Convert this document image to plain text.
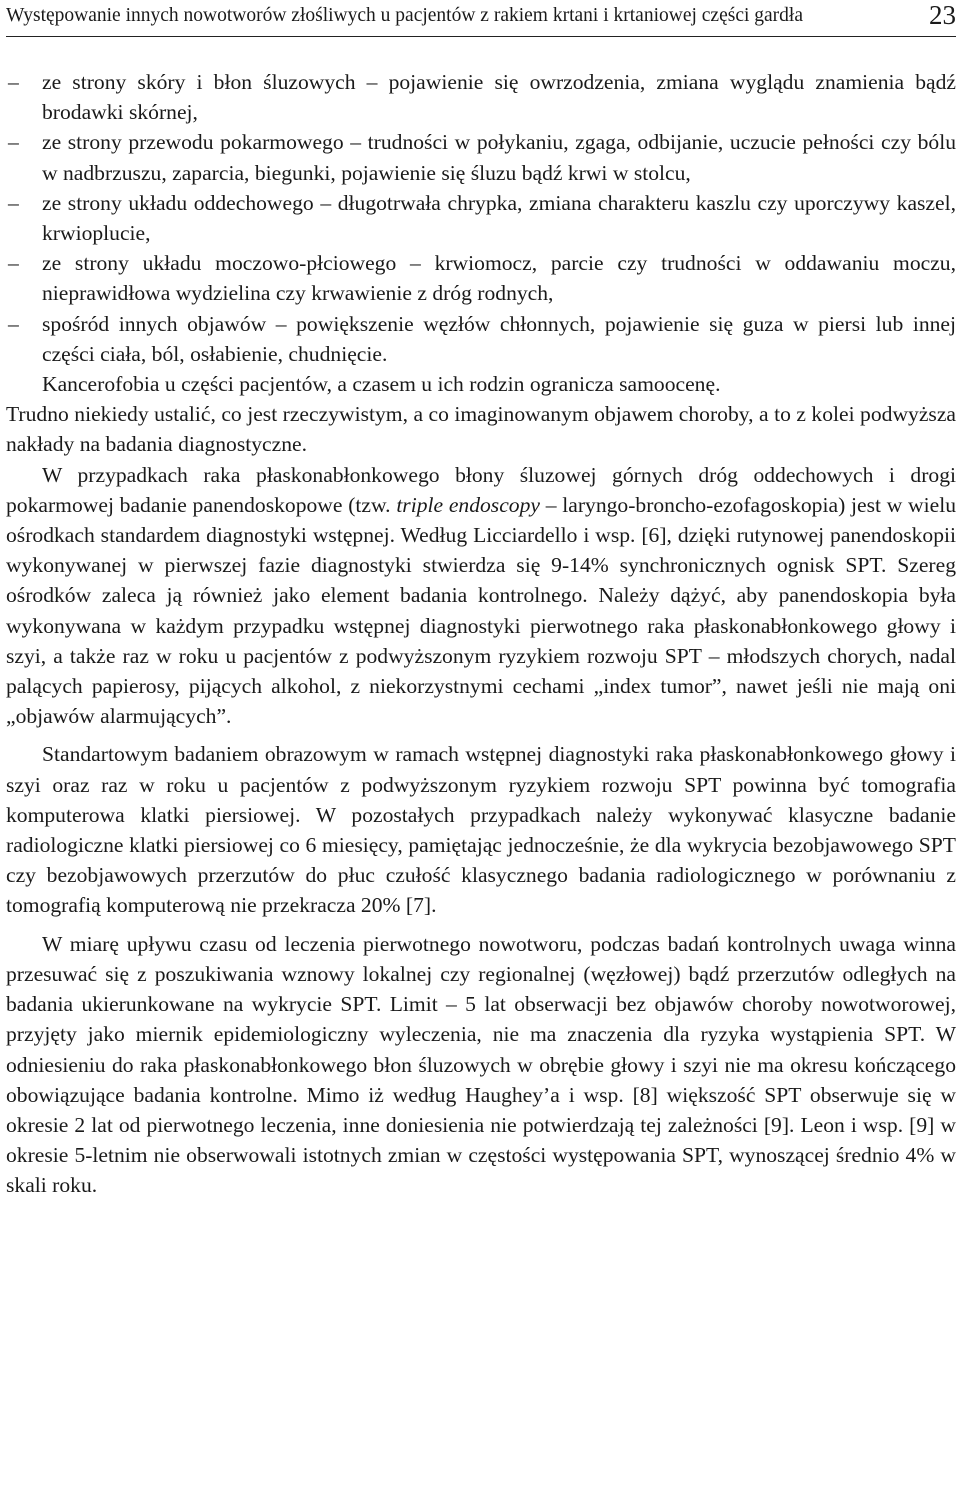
Występowanie innych nowotworów złośliwych u pacjentów z rakiem krtani i krtaniowej części gardła	23
– ze strony skóry i błon śluzowych – pojawienie się owrzodzenia, zmiana wyglądu znamienia bądź brodawki skórnej,
– ze strony przewodu pokarmowego – trudności w połykaniu, zgaga, odbijanie, uczucie pełności czy bólu w nadbrzuszu, zaparcia, biegunki, pojawienie się śluzu bądź krwi w stolcu,
– ze strony układu oddechowego – długotrwała chrypka, zmiana charakteru kaszlu czy uporczywy kaszel, krwioplucie,
– ze strony układu moczowo-płciowego – krwiomocz, parcie czy trudności w oddawaniu moczu, nieprawidłowa wydzielina czy krwawienie z dróg rodnych,
– spośród innych objawów – powiększenie węzłów chłonnych, pojawienie się guza w piersi lub innej części ciała, ból, osłabienie, chudnięcie.

Kancerofobia u części pacjentów, a czasem u ich rodzin ogranicza samoocenę.

Trudno niekiedy ustalić, co jest rzeczywistym, a co imaginowanym objawem choroby, a to z kolei podwyższa nakłady na badania diagnostyczne.

W przypadkach raka płaskonabłonkowego błony śluzowej górnych dróg oddechowych i drogi pokarmowej badanie panendoskopowe (tzw. triple endoscopy – laryngo-broncho-ezofagoskopia) jest w wielu ośrodkach standardem diagnostyki wstępnej. Według Licciardello i wsp. [6], dzięki rutynowej panendoskopii wykonywanej w pierwszej fazie diagnostyki stwierdza się 9-14% synchronicznych ognisk SPT. Szereg ośrodków zaleca ją również jako element badania kontrolnego. Należy dążyć, aby panendoskopia była wykonywana w każdym przypadku wstępnej diagnostyki pierwotnego raka płaskonabłonkowego głowy i szyi, a także raz w roku u pacjentów z podwyższonym ryzykiem rozwoju SPT – młodszych chorych, nadal palących papierosy, pijących alkohol, z niekorzystnymi cechami „index tumor”, nawet jeśli nie mają oni „objawów alarmujących”.

Standartowym badaniem obrazowym w ramach wstępnej diagnostyki raka płaskonabłonkowego głowy i szyi oraz raz w roku u pacjentów z podwyższonym ryzykiem rozwoju SPT powinna być tomografia komputerowa klatki piersiowej. W pozostałych przypadkach należy wykonywać klasyczne badanie radiologiczne klatki piersiowej co 6 miesięcy, pamiętając jednocześnie, że dla wykrycia bezobjawowego SPT czy bezobjawowych przerzutów do płuc czułość klasycznego badania radiologicznego w porównaniu z tomografią komputerową nie przekracza 20% [7].

W miarę upływu czasu od leczenia pierwotnego nowotworu, podczas badań kontrolnych uwaga winna przesuwać się z poszukiwania wznowy lokalnej czy regionalnej (węzłowej) bądź przerzutów odległych na badania ukierunkowane na wykrycie SPT. Limit – 5 lat obserwacji bez objawów choroby nowotworowej, przyjęty jako miernik epidemiologiczny wyleczenia, nie ma znaczenia dla ryzyka wystąpienia SPT. W odniesieniu do raka płaskonabłonkowego błon śluzowych w obrębie głowy i szyi nie ma okresu kończącego obowiązujące badania kontrolne. Mimo iż według Haughey’a i wsp. [8] większość SPT obserwuje się w okresie 2 lat od pierwotnego leczenia, inne doniesienia nie potwierdzają tej zależności [9]. Leon i wsp. [9] w okresie 5-letnim nie obserwowali istotnych zmian w częstości występowania SPT, wynoszącej średnio 4% w skali roku.
